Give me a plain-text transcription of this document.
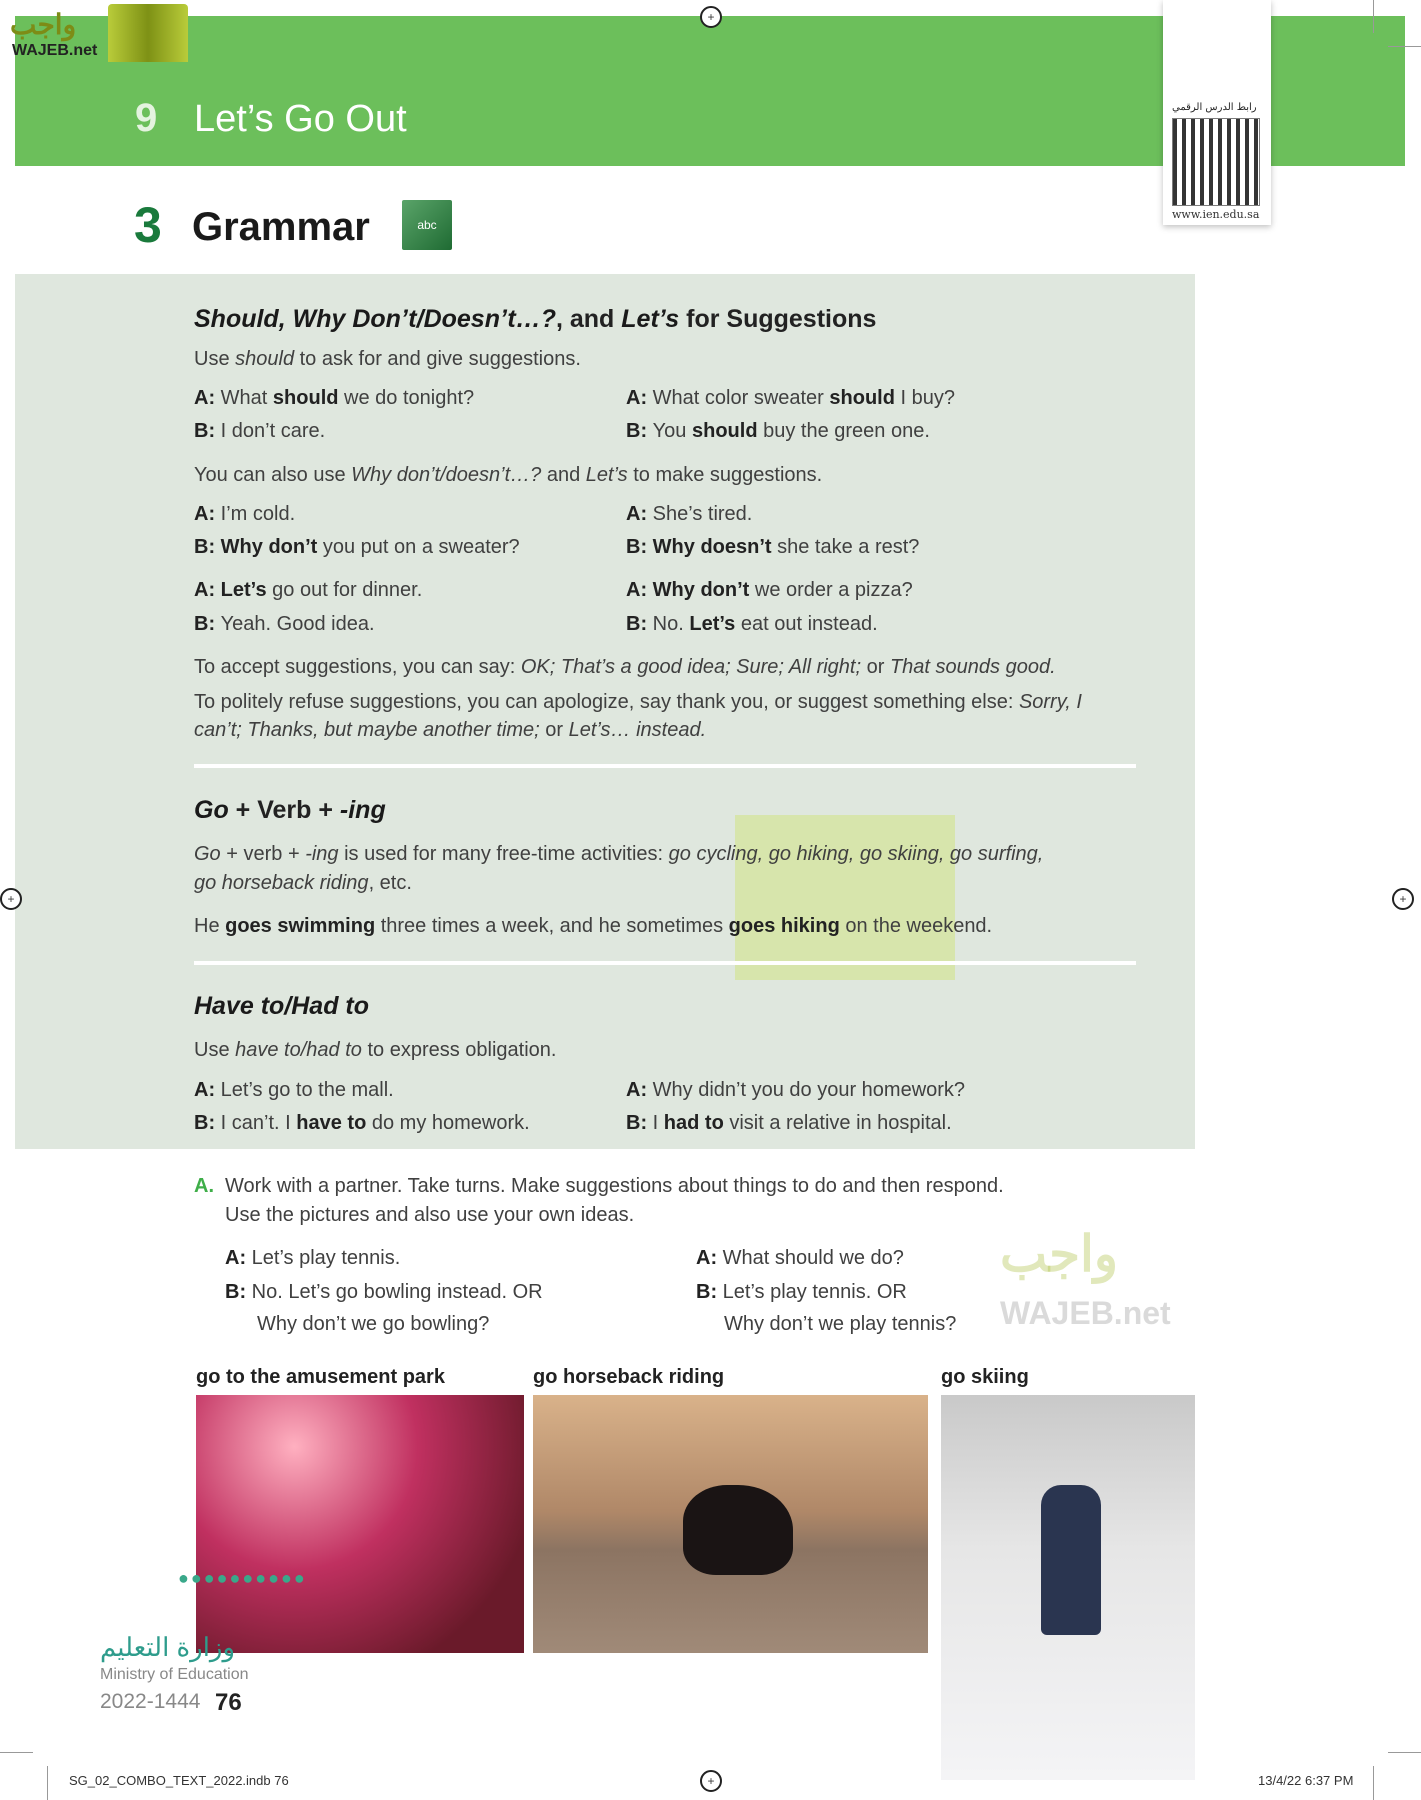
واجب
WAJEB.net
9 Let’s Go Out	رابط الدرس الرقمي
www.ien.edu.sa
3 Grammar	abc
Should, Why Don’t/Doesn’t…?, and Let’s for Suggestions
Use should to ask for and give suggestions.
A: What should we do tonight?
B: I don’t care.
A: What color sweater should I buy?
B: You should buy the green one.
You can also use Why don’t/doesn’t…? and Let’s to make suggestions.
A: I’m cold.
B: Why don’t you put on a sweater?
A: She’s tired.
B: Why doesn’t she take a rest?
A: Let’s go out for dinner.
B: Yeah. Good idea.
A: Why don’t we order a pizza?
B: No. Let’s eat out instead.
To accept suggestions, you can say: OK; That’s a good idea; Sure; All right; or That sounds good.
To politely refuse suggestions, you can apologize, say thank you, or suggest something else: Sorry, I
can’t; Thanks, but maybe another time; or Let’s… instead.
Go + Verb + -ing
Go + verb + -ing is used for many free-time activities: go cycling, go hiking, go skiing, go surfing,
go horseback riding, etc.
He goes swimming three times a week, and he sometimes goes hiking on the weekend.
Have to/Had to
Use have to/had to to express obligation.
A: Let’s go to the mall.
B: I can’t. I have to do my homework.
A: Why didn’t you do your homework?
B: I had to visit a relative in hospital.
A. Work with a partner. Take turns. Make suggestions about things to do and then respond.
Use the pictures and also use your own ideas.
A: Let’s play tennis.
B: No. Let’s go bowling instead. OR
Why don’t we go bowling?
A: What should we do?
B: Let’s play tennis. OR
Why don’t we play tennis?
واجب
WAJEB.net
go to the amusement park	go horseback riding	go skiing
●●●●●●●●●●
وزارة التعليم
Ministry of Education
2022-1444 76
SG_02_COMBO_TEXT_2022.indb 76	13/4/22 6:37 PM
+
+	+
+
